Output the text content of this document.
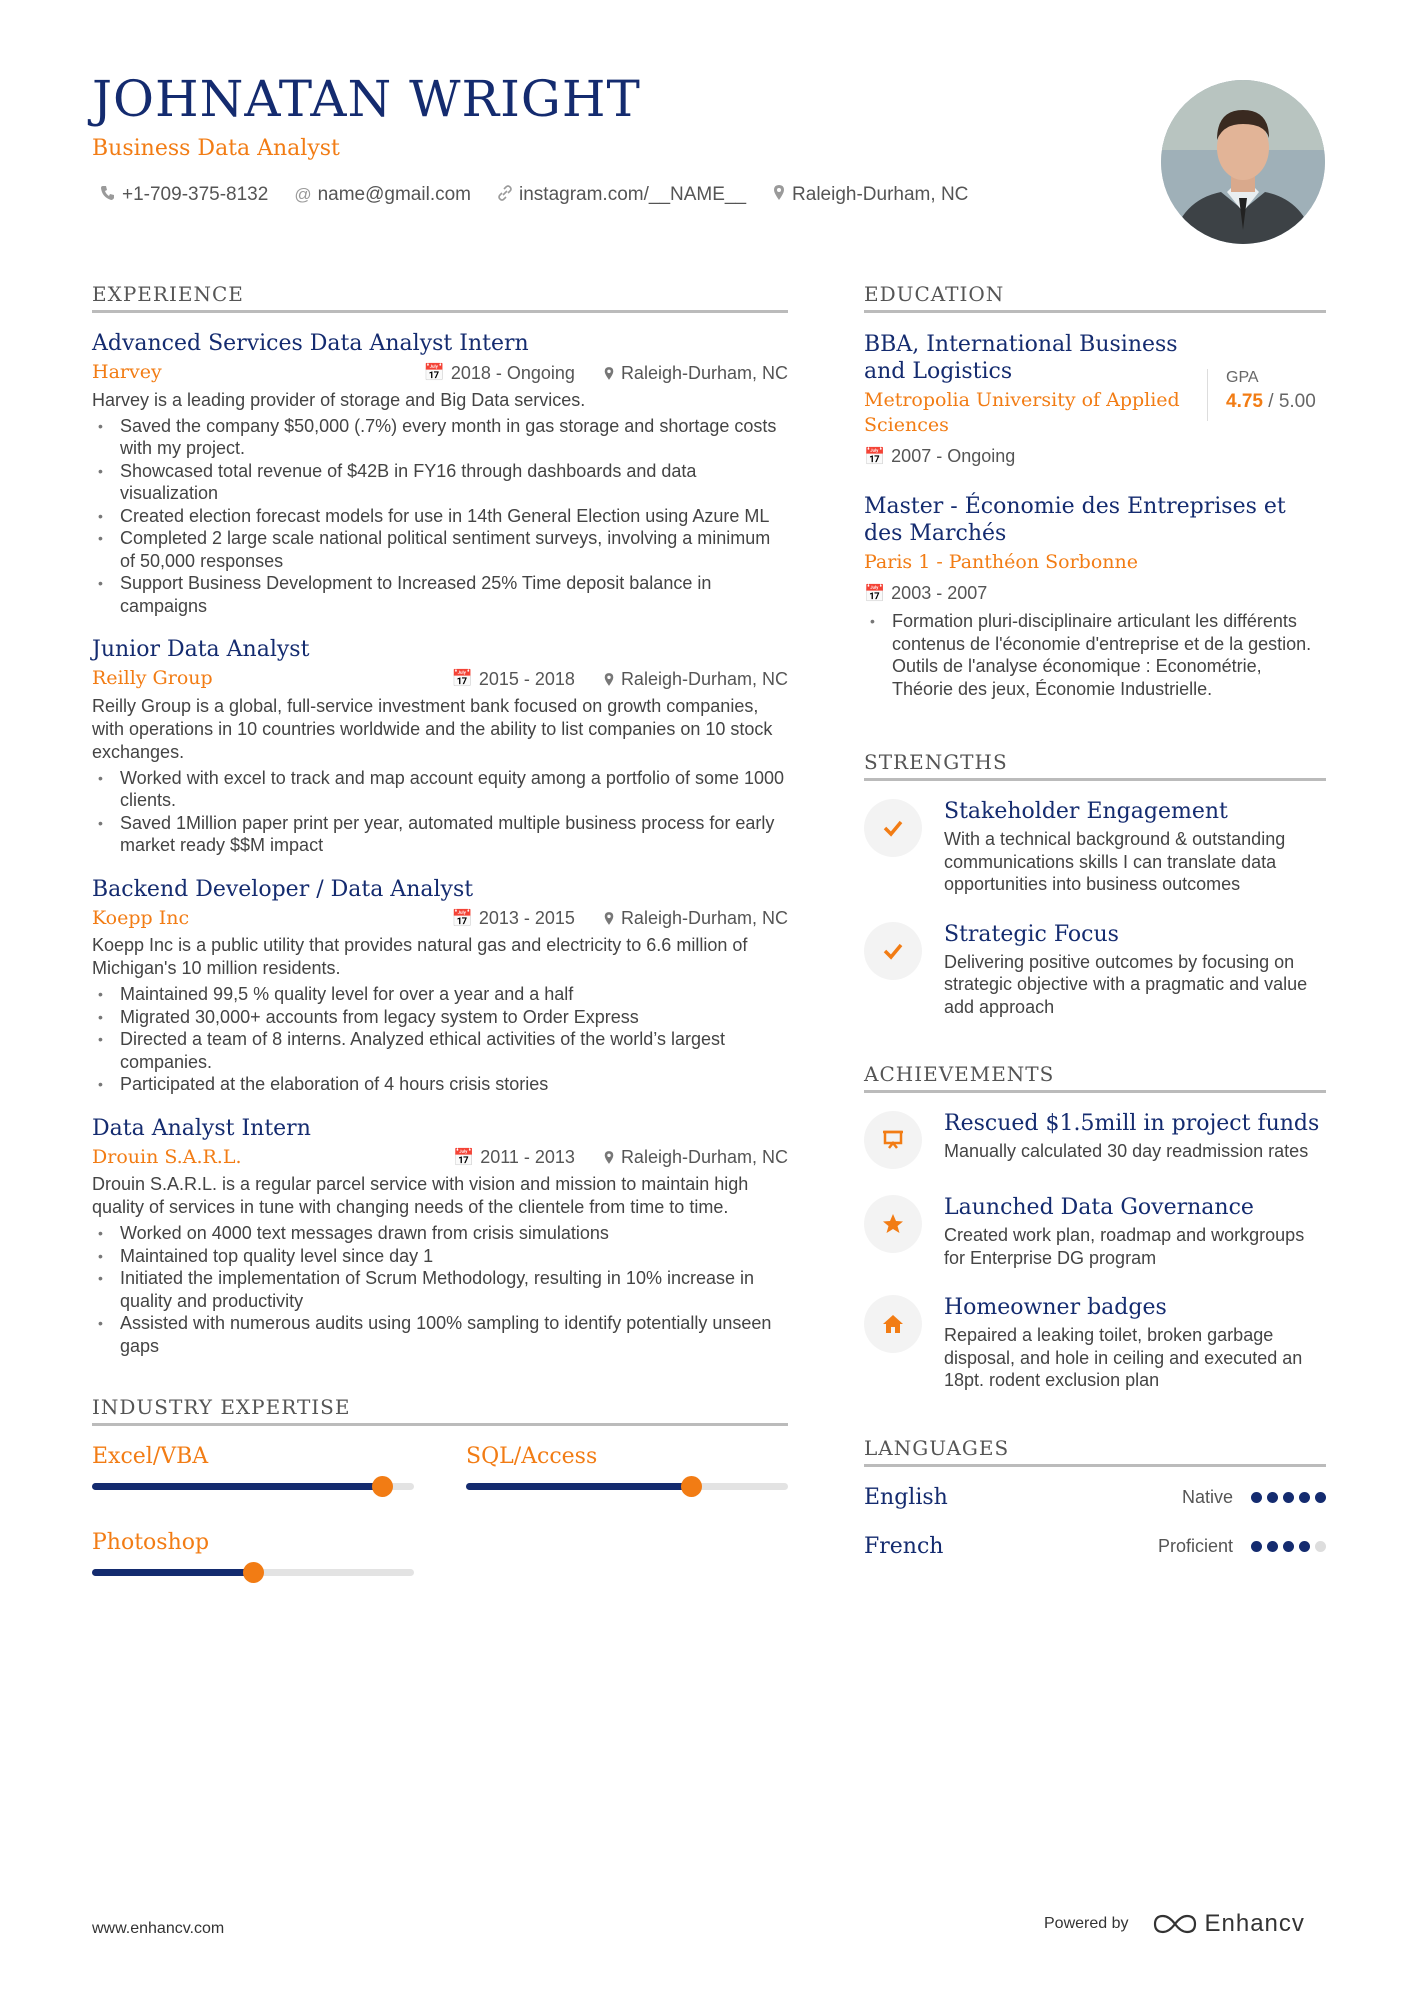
JOHNATAN WRIGHT
Business Data Analyst
+1-709-375-8132 @ name@gmail.com	instagram.com/__NAME__ Raleigh-Durham, NC
EXPERIENCE
Advanced Services Data Analyst Intern
Harvey	📅 2018 - Ongoing	Raleigh-Durham, NC
Harvey is a leading provider of storage and Big Data services.
• Saved the company $50,000 (.7%) every month in gas storage and shortage costs with my project.
• Showcased total revenue of $42B in FY16 through dashboards and data visualization
• Created election forecast models for use in 14th General Election using Azure ML
• Completed 2 large scale national political sentiment surveys, involving a minimum of 50,000 responses
• Support Business Development to Increased 25% Time deposit balance in campaigns
Junior Data Analyst
Reilly Group	📅 2015 - 2018	Raleigh-Durham, NC
Reilly Group is a global, full-service investment bank focused on growth companies, with operations in 10 countries worldwide and the ability to list companies on 10 stock exchanges.
• Worked with excel to track and map account equity among a portfolio of some 1000 clients.
• Saved 1Million paper print per year, automated multiple business process for early market ready $$M impact
Backend Developer / Data Analyst
Koepp Inc	📅 2013 - 2015	Raleigh-Durham, NC
Koepp Inc is a public utility that provides natural gas and electricity to 6.6 million of Michigan's 10 million residents.
• Maintained 99,5 % quality level for over a year and a half
• Migrated 30,000+ accounts from legacy system to Order Express
• Directed a team of 8 interns. Analyzed ethical activities of the world’s largest companies.
• Participated at the elaboration of 4 hours crisis stories
Data Analyst Intern
Drouin S.A.R.L.	📅 2011 - 2013	Raleigh-Durham, NC
Drouin S.A.R.L. is a regular parcel service with vision and mission to maintain high quality of services in tune with changing needs of the clientele from time to time.
• Worked on 4000 text messages drawn from crisis simulations
• Maintained top quality level since day 1
• Initiated the implementation of Scrum Methodology, resulting in 10% increase in quality and productivity
• Assisted with numerous audits using 100% sampling to identify potentially unseen gaps
INDUSTRY EXPERTISE
Excel/VBA	SQL/Access
Photoshop
EDUCATION
BBA, International Business and Logistics
Metropolia University of Applied Sciences
📅 2007 - Ongoing
GPA
4.75 / 5.00
Master - Économie des Entreprises et des Marchés
Paris 1 - Panthéon Sorbonne
📅 2003 - 2007
• Formation pluri-disciplinaire articulant les différents contenus de l'économie d'entreprise et de la gestion.
Outils de l'analyse économique : Econométrie, Théorie des jeux, Économie Industrielle.
STRENGTHS
Stakeholder Engagement
With a technical background & outstanding communications skills I can translate data opportunities into business outcomes
Strategic Focus
Delivering positive outcomes by focusing on strategic objective with a pragmatic and value add approach
ACHIEVEMENTS
Rescued $1.5mill in project funds
Manually calculated 30 day readmission rates
Launched Data Governance
Created work plan, roadmap and workgroups for Enterprise DG program
Homeowner badges
Repaired a leaking toilet, broken garbage disposal, and hole in ceiling and executed an 18pt. rodent exclusion plan
LANGUAGES
English	Native
French	Proficient
www.enhancv.com	Powered by	Enhancv
